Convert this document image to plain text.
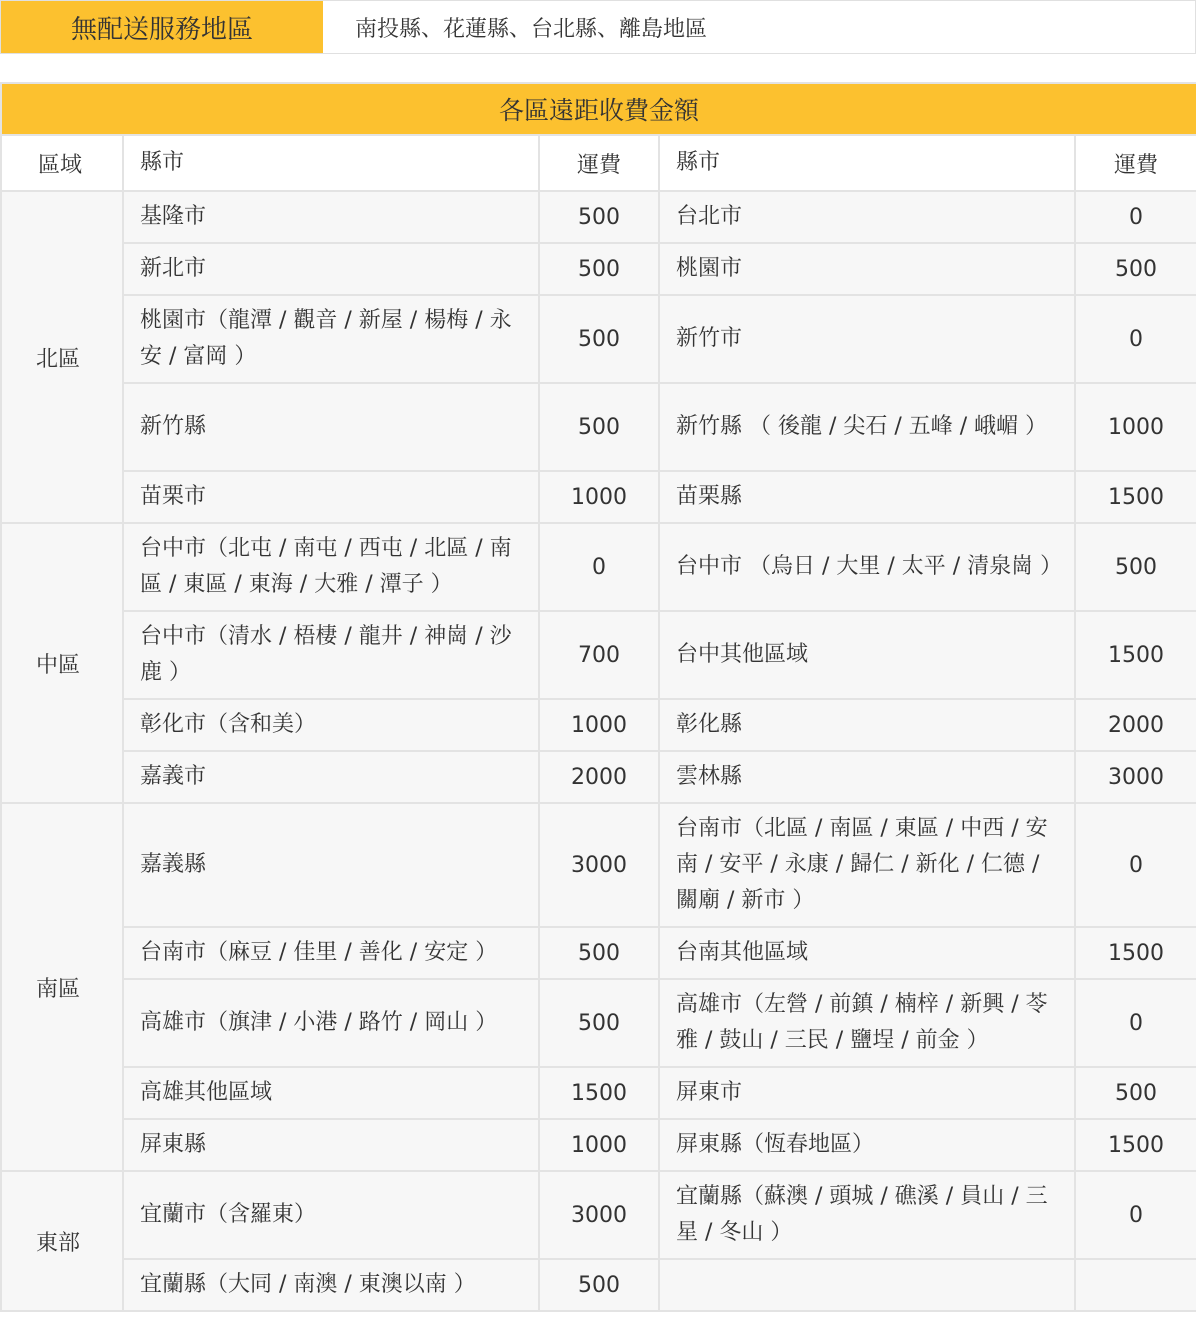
無配送服務地區	南投縣、花蓮縣、台北縣、離島地區
各區遠距收費金額				
區域	縣市	運費	縣市	運費
北區	基隆市	500	台北市	0
	新北市	500	桃園市	500
	桃園市（龍潭 / 觀音 / 新屋 / 楊梅 / 永安 / 富岡 ）	500	新竹市	0
	新竹縣	500	新竹縣 （ 後龍 / 尖石 / 五峰 / 峨嵋 ）	1000
	苗栗市	1000	苗栗縣	1500
中區	台中市（北屯 / 南屯 / 西屯 / 北區 / 南區 / 東區 / 東海 / 大雅 / 潭子 ）	0	台中市 （烏日 / 大里 / 太平 / 清泉崗 ）	500
	台中市（清水 / 梧棲 / 龍井 / 神崗 / 沙鹿 ）	700	台中其他區域	1500
	彰化市（含和美）	1000	彰化縣	2000
	嘉義市	2000	雲林縣	3000
南區	嘉義縣	3000	台南市（北區 / 南區 / 東區 / 中西 / 安南 / 安平 / 永康 / 歸仁 / 新化 / 仁德 / 關廟 / 新市 ）	0
	台南市（麻豆 / 佳里 / 善化 / 安定 ）	500	台南其他區域	1500
	高雄市（旗津 / 小港 / 路竹 / 岡山 ）	500	高雄市（左營 / 前鎮 / 楠梓 / 新興 / 苓雅 / 鼓山 / 三民 / 鹽埕 / 前金 ）	0
	高雄其他區域	1500	屏東市	500
	屏東縣	1000	屏東縣（恆春地區）	1500
東部	宜蘭市（含羅東）	3000	宜蘭縣（蘇澳 / 頭城 / 礁溪 / 員山 / 三星 / 冬山 ）	0
	宜蘭縣（大同 / 南澳 / 東澳以南 ）	500		
